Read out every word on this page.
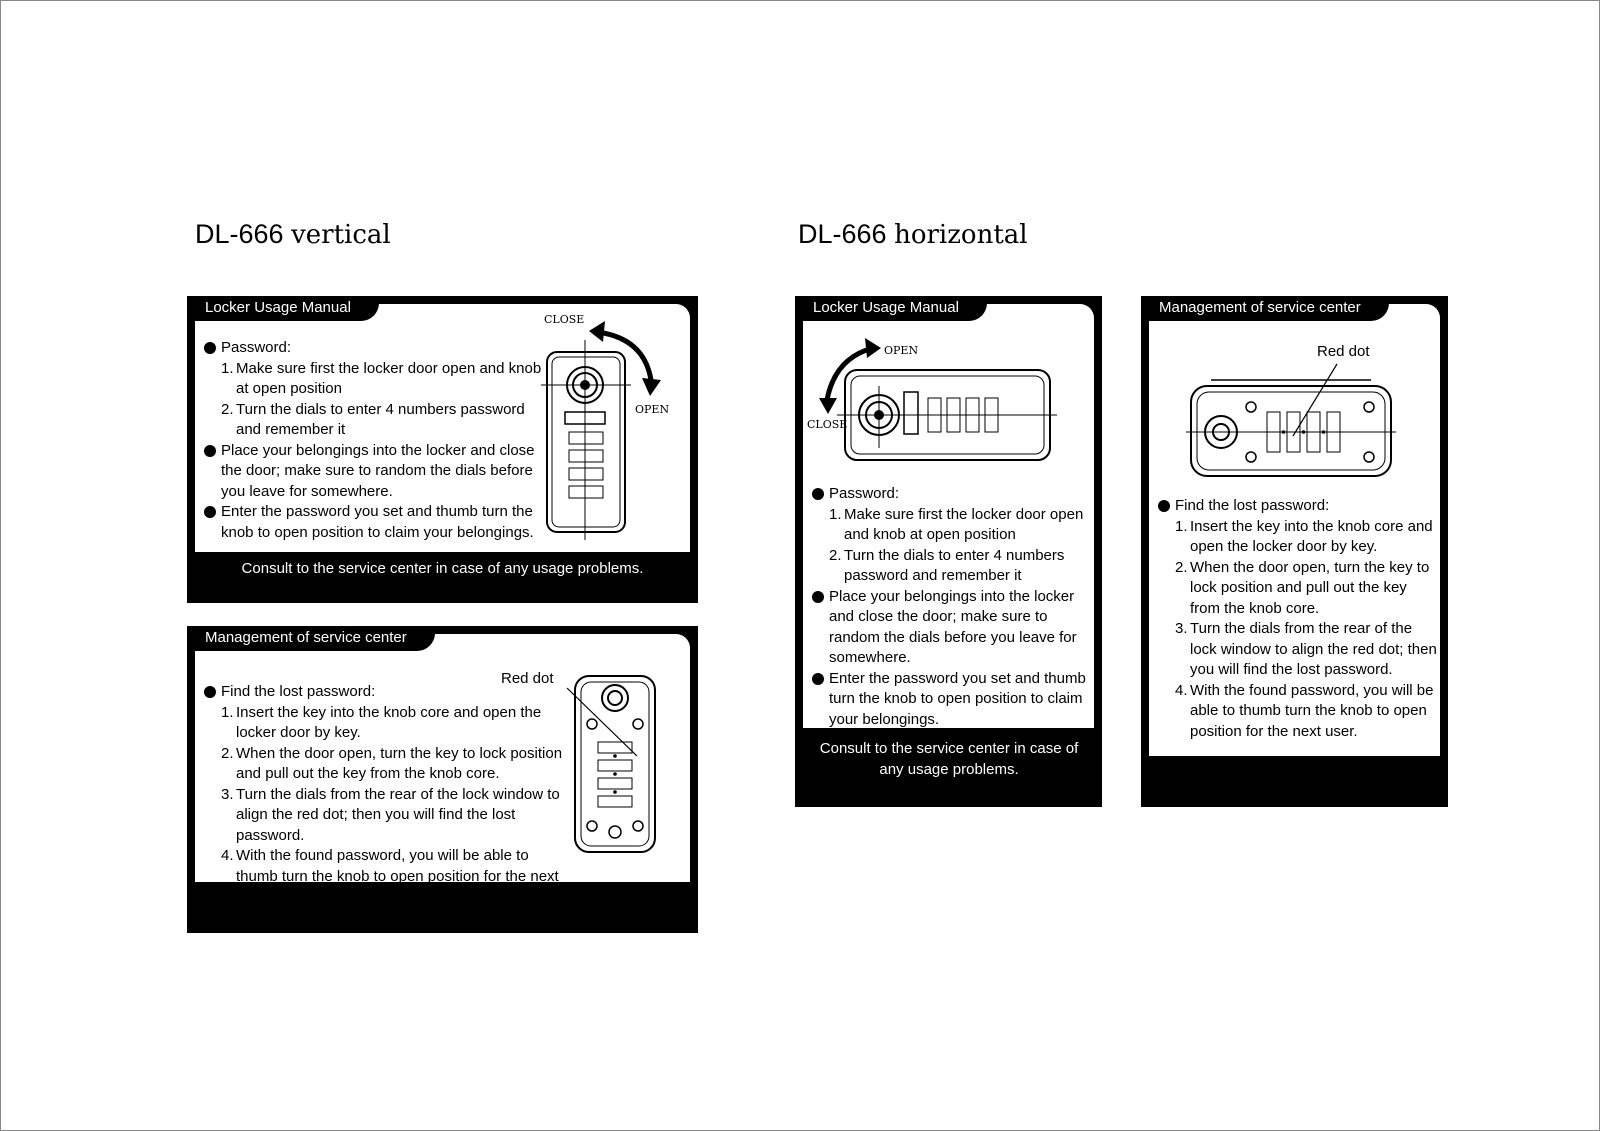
DL-666 vertical	DL-666 horizontal
Locker Usage Manual
Password:
1. Make sure first the locker door open and knob at open position
2. Turn the dials to enter 4 numbers password and remember it
Place your belongings into the locker and close the door; make sure to random the dials before you leave for somewhere.
Enter the password you set and thumb turn the knob to open position to claim your belongings.
CLOSE
OPEN
Consult to the service center in case of any usage problems.
Management of service center
Red dot
Find the lost password:
1. Insert the key into the knob core and open the locker door by key.
2. When the door open, turn the key to lock position and pull out the key from the knob core.
3. Turn the dials from the rear of the lock window to align the red dot; then you will find the lost password.
4. With the found password, you will be able to thumb turn the knob to open position for the next user.
Locker Usage Manual
OPEN
CLOSE
Password:
1. Make sure first the locker door open and knob at open position
2. Turn the dials to enter 4 numbers password and remember it
Place your belongings into the locker and close the door; make sure to random the dials before you leave for somewhere.
Enter the password you set and thumb turn the knob to open position to claim your belongings.
Consult to the service center in case of any usage problems.
Management of service center
Red dot
Find the lost password:
1. Insert the key into the knob core and open the locker door by key.
2. When the door open, turn the key to lock position and pull out the key from the knob core.
3. Turn the dials from the rear of the lock window to align the red dot; then you will find the lost password.
4. With the found password, you will be able to thumb turn the knob to open position for the next user.
